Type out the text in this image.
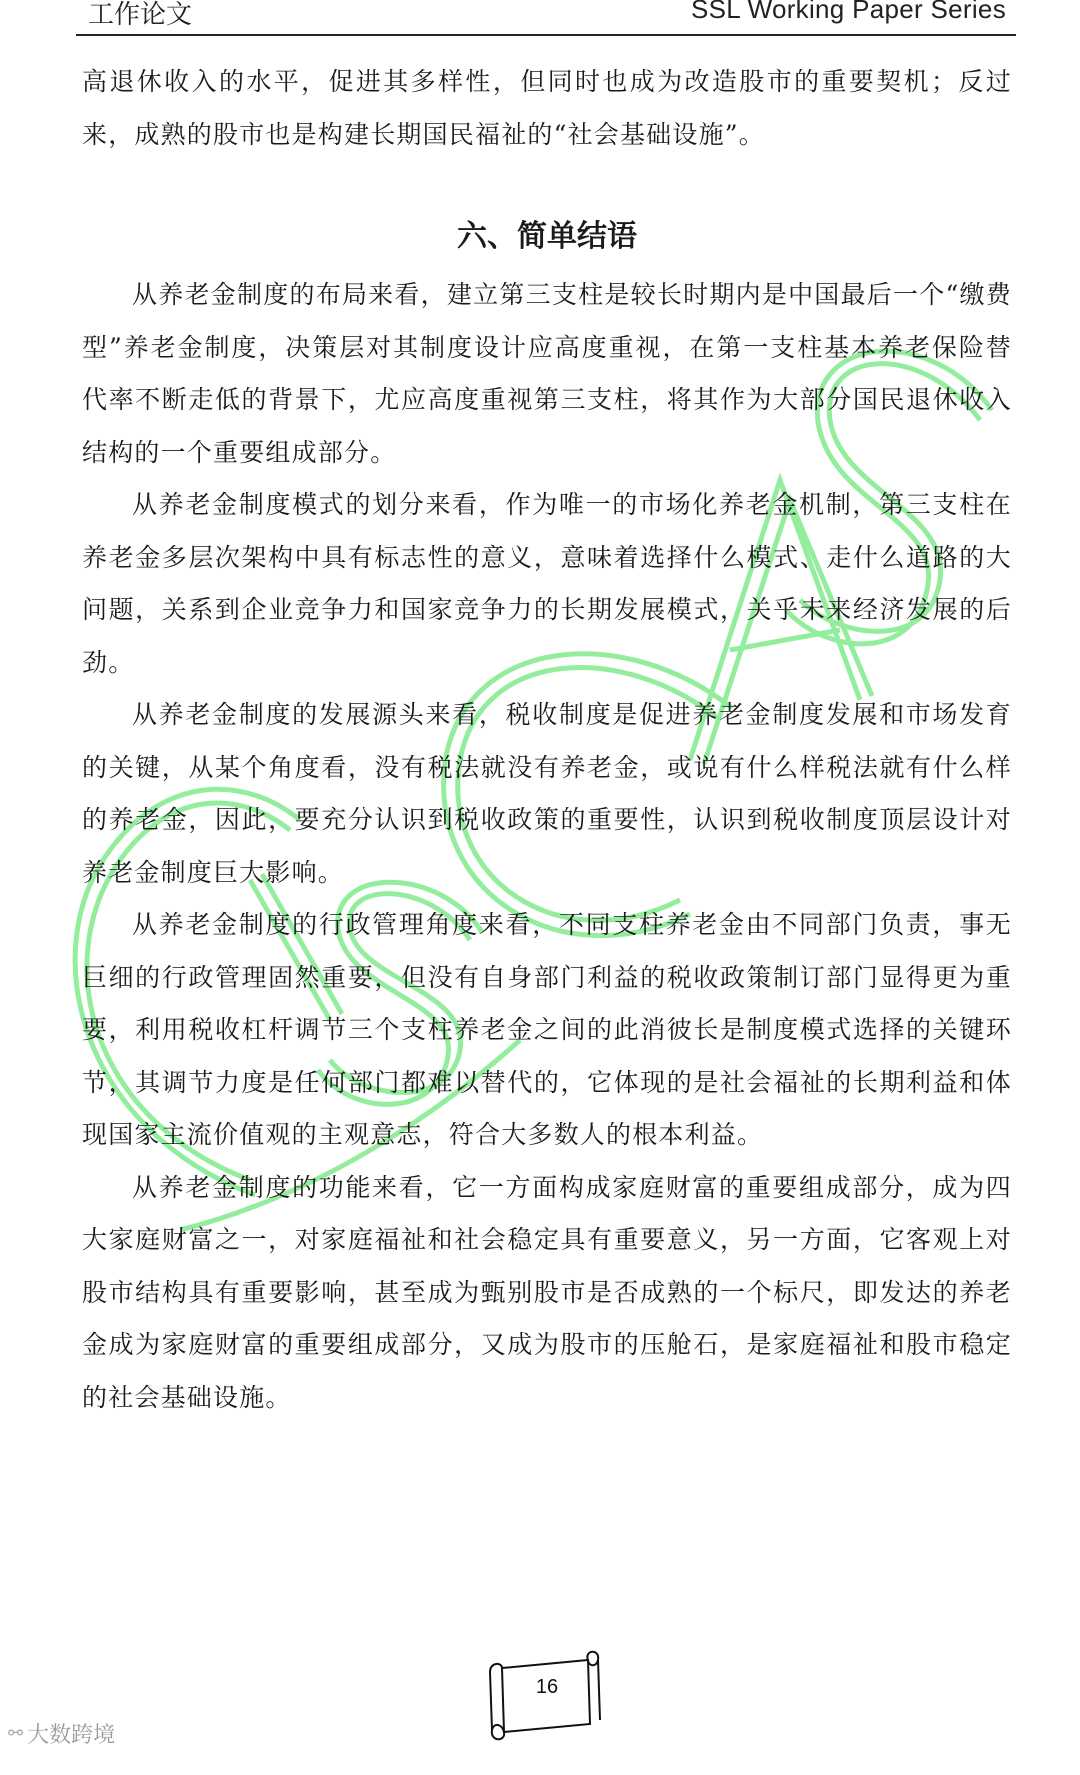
工作论文	SSL Working Paper Series

高退休收入的水平，促进其多样性，但同时也成为改造股市的重要契机；反过来，成熟的股市也是构建长期国民福祉的“社会基础设施”。

六、简单结语

从养老金制度的布局来看，建立第三支柱是较长时期内是中国最后一个“缴费型”养老金制度，决策层对其制度设计应高度重视，在第一支柱基本养老保险替代率不断走低的背景下，尤应高度重视第三支柱，将其作为大部分国民退休收入结构的一个重要组成部分。

从养老金制度模式的划分来看，作为唯一的市场化养老金机制，第三支柱在养老金多层次架构中具有标志性的意义，意味着选择什么模式、走什么道路的大问题，关系到企业竞争力和国家竞争力的长期发展模式，关乎未来经济发展的后劲。

从养老金制度的发展源头来看，税收制度是促进养老金制度发展和市场发育的关键，从某个角度看，没有税法就没有养老金，或说有什么样税法就有什么样的养老金，因此，要充分认识到税收政策的重要性，认识到税收制度顶层设计对养老金制度巨大影响。

从养老金制度的行政管理角度来看，不同支柱养老金由不同部门负责，事无巨细的行政管理固然重要，但没有自身部门利益的税收政策制订部门显得更为重要，利用税收杠杆调节三个支柱养老金之间的此消彼长是制度模式选择的关键环节，其调节力度是任何部门都难以替代的，它体现的是社会福祉的长期利益和体现国家主流价值观的主观意志，符合大多数人的根本利益。

从养老金制度的功能来看，它一方面构成家庭财富的重要组成部分，成为四大家庭财富之一，对家庭福祉和社会稳定具有重要意义，另一方面，它客观上对股市结构具有重要影响，甚至成为甄别股市是否成熟的一个标尺，即发达的养老金成为家庭财富的重要组成部分，又成为股市的压舱石，是家庭福祉和股市稳定的社会基础设施。

16
⚯ 大数跨境
